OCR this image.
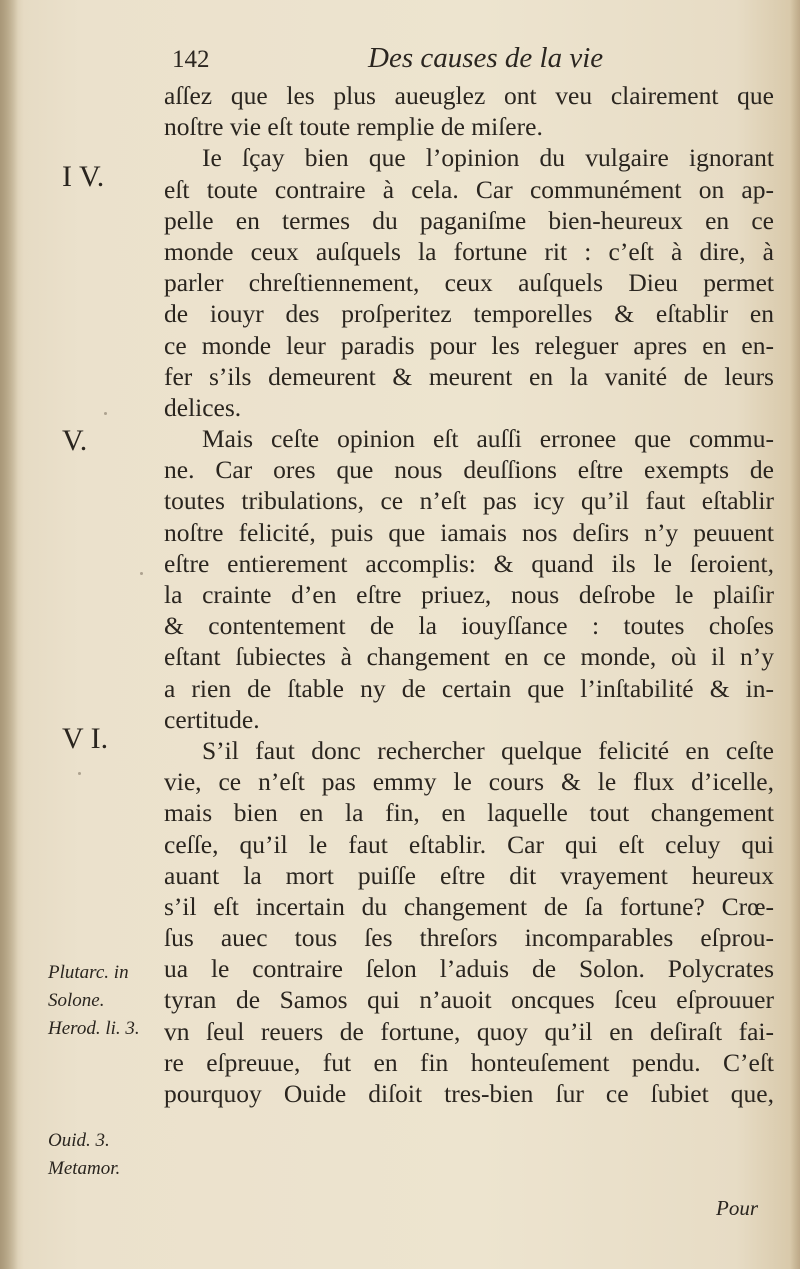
142	Des causes de la vie
aſſez que les plus aueuglez ont veu clairement que
noſtre vie eſt toute remplie de miſere.
Ie ſçay bien que l’opinion du vulgaire ignorant
eſt toute contraire à cela. Car communément on ap-
pelle en termes du paganiſme bien-heureux en ce
monde ceux auſquels la fortune rit : c’eſt à dire, à
parler chreſtiennement, ceux auſquels Dieu permet
de iouyr des proſperitez temporelles & eſtablir en
ce monde leur paradis pour les releguer apres en en-
fer s’ils demeurent & meurent en la vanité de leurs
delices.
Mais ceſte opinion eſt auſſi erronee que commu-
ne. Car ores que nous deuſſions eſtre exempts de
toutes tribulations, ce n’eſt pas icy qu’il faut eſtablir
noſtre felicité, puis que iamais nos deſirs n’y peuuent
eſtre entierement accomplis: & quand ils le ſeroient,
la crainte d’en eſtre priuez, nous deſrobe le plaiſir
& contentement de la iouyſſance : toutes choſes
eſtant ſubiectes à changement en ce monde, où il n’y
a rien de ſtable ny de certain que l’inſtabilité & in-
certitude.
S’il faut donc rechercher quelque felicité en ceſte
vie, ce n’eſt pas emmy le cours & le flux d’icelle,
mais bien en la fin, en laquelle tout changement
ceſſe, qu’il le faut eſtablir. Car qui eſt celuy qui
auant la mort puiſſe eſtre dit vrayement heureux
s’il eſt incertain du changement de ſa fortune? Crœ-
ſus auec tous ſes threſors incomparables eſprou-
ua le contraire ſelon l’aduis de Solon. Polycrates
tyran de Samos qui n’auoit oncques ſceu eſprouuer
vn ſeul reuers de fortune, quoy qu’il en deſiraſt fai-
re eſpreuue, fut en fin honteuſement pendu. C’eſt
pourquoy Ouide diſoit tres-bien ſur ce ſubiet que,
I V.
V.
V I.
Plutarc. in
Solone.
Herod. li. 3.
Ouid. 3.
Metamor.
Pour
